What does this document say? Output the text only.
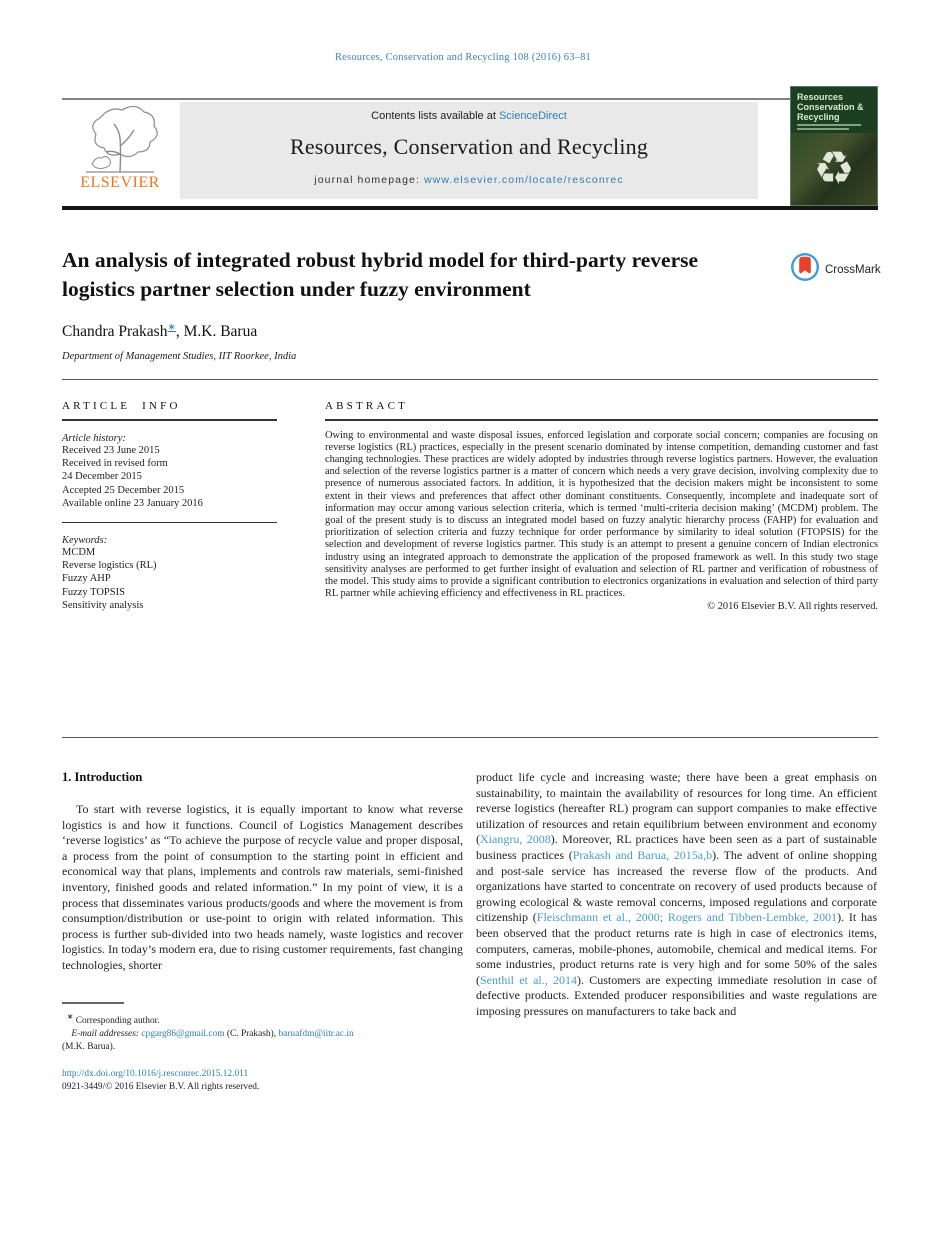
Resources, Conservation and Recycling 108 (2016) 63–81
ELSEVIER
Contents lists available at ScienceDirect
Resources, Conservation and Recycling
journal homepage: www.elsevier.com/locate/resconrec
Resources
Conservation &
Recycling
♻
An analysis of integrated robust hybrid model for third-party reverse logistics partner selection under fuzzy environment
CrossMark
Chandra Prakash∗, M.K. Barua
Department of Management Studies, IIT Roorkee, India
ARTICLE INFO
Article history:
Received 23 June 2015
Received in revised form
24 December 2015
Accepted 25 December 2015
Available online 23 January 2016
Keywords:
MCDM
Reverse logistics (RL)
Fuzzy AHP
Fuzzy TOPSIS
Sensitivity analysis
ABSTRACT
Owing to environmental and waste disposal issues, enforced legislation and corporate social concern; companies are focusing on reverse logistics (RL) practices, especially in the present scenario dominated by intense competition, demanding customer and fast changing technologies. These practices are widely adopted by industries through reverse logistics partners. However, the evaluation and selection of the reverse logistics partner is a matter of concern which needs a very grave decision, involving complexity due to presence of numerous associated factors. In addition, it is hypothesized that the decision makers might be inconsistent to some extent in their views and preferences that affect other dominant constituents. Consequently, incomplete and inadequate sort of information may occur among various selection criteria, which is termed ‘multi-criteria decision making’ (MCDM) problem. The goal of the present study is to discuss an integrated model based on fuzzy analytic hierarchy process (FAHP) for evaluation and prioritization of selection criteria and fuzzy technique for order performance by similarity to ideal solution (FTOPSIS) for the selection and development of reverse logistics partner. This study is an attempt to present a genuine concern of Indian electronics industry using an integrated approach to demonstrate the application of the proposed framework as well. In this study two stage sensitivity analyses are performed to get further insight of evaluation and selection of RL partner and verification of robustness of the model. This study aims to provide a significant contribution to electronics organizations in evaluation and selection of third party RL partner while achieving efficiency and effectiveness in RL practices.
© 2016 Elsevier B.V. All rights reserved.
1. Introduction

To start with reverse logistics, it is equally important to know what reverse logistics is and how it functions. Council of Logistics Management describes ‘reverse logistics’ as “To achieve the purpose of recycle value and proper disposal, a process from the point of consumption to the starting point in efficient and economical way that plans, implements and controls raw materials, semi-finished inventory, finished goods and related information.” In my point of view, it is a process that disseminates various products/goods and where the movement is from consumption/distribution or use-point to origin with related information. This process is further sub-divided into two heads namely, waste logistics and recover logistics. In today’s modern era, due to rising customer requirements, fast changing technologies, shorter

∗ Corresponding author.
E-mail addresses: cpgarg86@gmail.com (C. Prakash), baruafdm@iitr.ac.in
(M.K. Barua).
http://dx.doi.org/10.1016/j.resconrec.2015.12.011
0921-3449/© 2016 Elsevier B.V. All rights reserved.

product life cycle and increasing waste; there have been a great emphasis on sustainability, to maintain the availability of resources for long time. An efficient reverse logistics (hereafter RL) program can support companies to make effective utilization of resources and retain equilibrium between environment and economy (Xiangru, 2008). Moreover, RL practices have been seen as a part of sustainable business practices (Prakash and Barua, 2015a,b). The advent of online shopping and post-sale service has increased the reverse flow of the products. And organizations have started to concentrate on recovery of used products because of growing ecological & waste removal concerns, imposed regulations and corporate citizenship (Fleischmann et al., 2000; Rogers and Tibben-Lembke, 2001). It has been observed that the product returns rate is high in case of electronics items, computers, cameras, mobile-phones, automobile, chemical and medical items. For some industries, product returns rate is very high and for some 50% of the sales (Senthil et al., 2014). Customers are expecting immediate resolution in case of defective products. Extended producer responsibilities and waste regulations are imposing pressures on manufacturers to take back and
